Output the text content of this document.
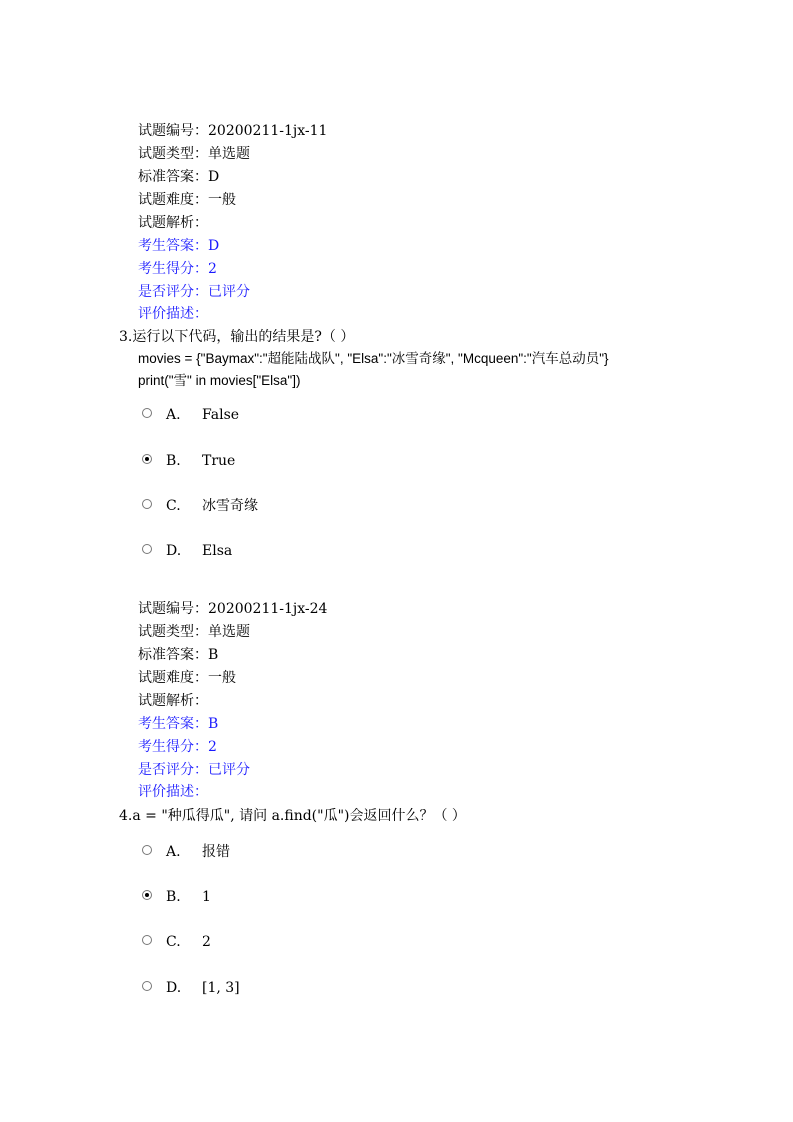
试题编号：20200211-1jx-11
试题类型：单选题
标准答案：D
试题难度：一般
试题解析：
考生答案：D
考生得分：2
是否评分：已评分
评价描述：
3.运行以下代码，输出的结果是?（ ）
movies = {"Baymax":"超能陆战队", "Elsa":"冰雪奇缘", "Mcqueen":"汽车总动员"}
print("雪" in movies["Elsa"])
A. False
B. True
C. 冰雪奇缘
D. Elsa
试题编号：20200211-1jx-24
试题类型：单选题
标准答案：B
试题难度：一般
试题解析：
考生答案：B
考生得分：2
是否评分：已评分
评价描述：
4.a = "种瓜得瓜", 请问 a.find("瓜")会返回什么？（ ）
A. 报错
B. 1
C. 2
D. [1, 3]
